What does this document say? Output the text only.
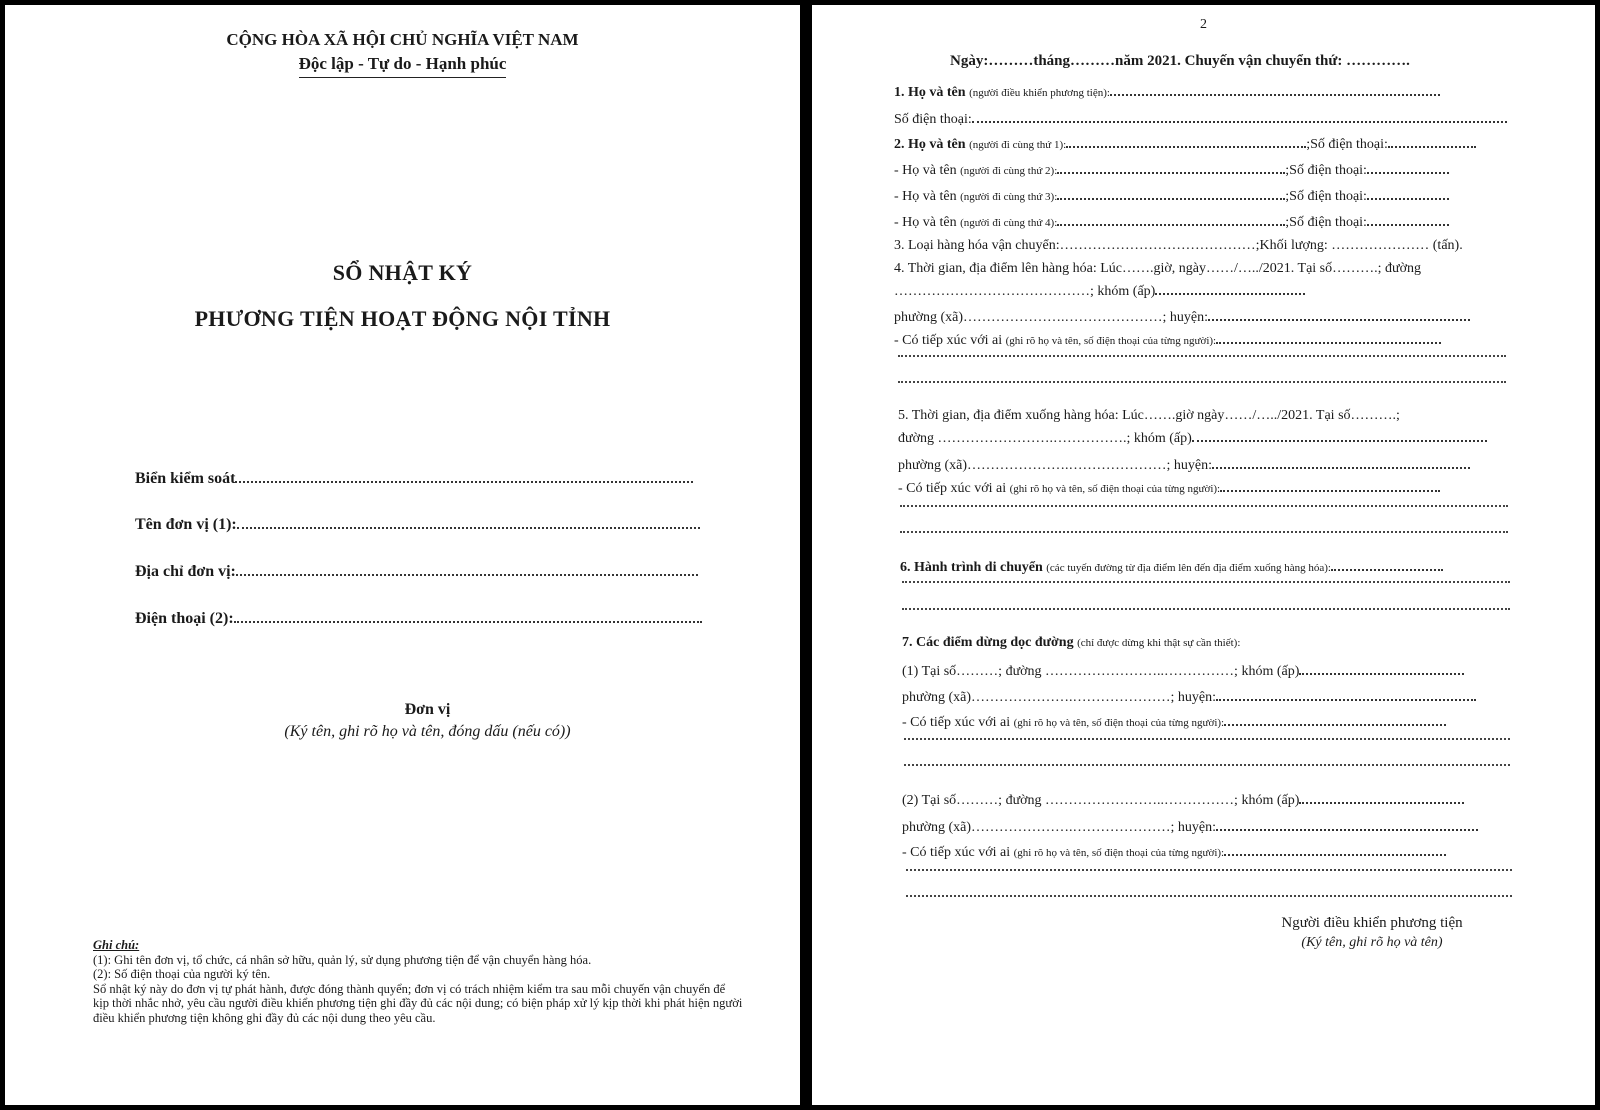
CỘNG HÒA XÃ HỘI CHỦ NGHĨA VIỆT NAM
Độc lập - Tự do - Hạnh phúc
SỔ NHẬT KÝ
PHƯƠNG TIỆN HOẠT ĐỘNG NỘI TỈNH
Biển kiểm soát
Tên đơn vị (1):
Địa chỉ đơn vị:
Điện thoại (2):
Đơn vị
(Ký tên, ghi rõ họ và tên, đóng dấu (nếu có))
Ghi chú:
(1): Ghi tên đơn vị, tổ chức, cá nhân sở hữu, quản lý, sử dụng phương tiện để vận chuyển hàng hóa.
(2): Số điện thoại của người ký tên.
Sổ nhật ký này do đơn vị tự phát hành, được đóng thành quyển; đơn vị có trách nhiệm kiểm tra sau mỗi chuyến vận chuyển để kịp thời nhắc nhở, yêu cầu người điều khiển phương tiện ghi đầy đủ các nội dung; có biện pháp xử lý kịp thời khi phát hiện người điều khiển phương tiện không ghi đầy đủ các nội dung theo yêu cầu.
2
Ngày:………tháng………năm 2021. Chuyến vận chuyển thứ: ………….
1. Họ và tên (người điều khiển phương tiện):
Số điện thoại:
2. Họ và tên (người đi cùng thứ 1):	;Số điện thoại:
- Họ và tên (người đi cùng thứ 2):	;Số điện thoại:
- Họ và tên (người đi cùng thứ 3):	;Số điện thoại:
- Họ và tên (người đi cùng thứ 4):	;Số điện thoại:
3. Loại hàng hóa vận chuyển:……………………………………;Khối lượng: ………………… (tấn).
4. Thời gian, địa điểm lên hàng hóa: Lúc…….giờ, ngày……/…../2021. Tại số……….; đường
……………………………………; khóm (ấp)
phường (xã)………………….…………………; huyện:
- Có tiếp xúc với ai (ghi rõ họ và tên, số điện thoại của từng người):
5. Thời gian, địa điểm xuống hàng hóa: Lúc…….giờ ngày……/…../2021. Tại số……….;
đường …………………….…………….; khóm (ấp)
phường (xã)………………….…………………; huyện:
- Có tiếp xúc với ai (ghi rõ họ và tên, số điện thoại của từng người):
6. Hành trình di chuyển (các tuyến đường từ địa điểm lên đến địa điểm xuống hàng hóa):
7. Các điểm dừng dọc đường (chỉ được dừng khi thật sự cần thiết):
(1) Tại số………; đường ……………………..……………; khóm (ấp)
phường (xã)………………….…………………; huyện:
- Có tiếp xúc với ai (ghi rõ họ và tên, số điện thoại của từng người):
(2) Tại số………; đường ……………………..……………; khóm (ấp)
phường (xã)………………….…………………; huyện:
- Có tiếp xúc với ai (ghi rõ họ và tên, số điện thoại của từng người):
Người điều khiển phương tiện
(Ký tên, ghi rõ họ và tên)
